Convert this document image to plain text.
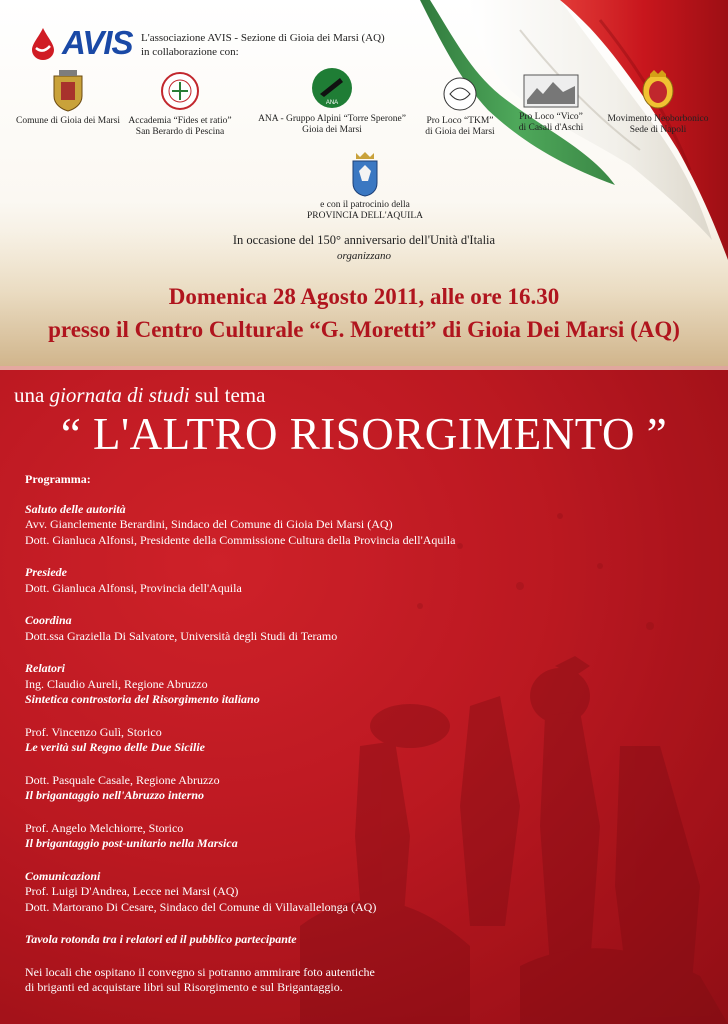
AVIS L'associazione AVIS - Sezione di Gioia dei Marsi (AQ)
in collaborazione con:
Comune di Gioia dei Marsi Accademia “Fides et ratio”
San Berardo di Pescina
ANA
ANA - Gruppo Alpini “Torre Sperone”
Gioia dei Marsi
Pro Loco “TKM”
di Gioia dei Marsi
Pro Loco “Vico”
di Casali d'Aschi
Movimento Neoborbonico
Sede di Napoli
e con il patrocinio della
PROVINCIA DELL'AQUILA
In occasione del 150° anniversario dell'Unità d'Italia
organizzano
Domenica 28 Agosto 2011, alle ore 16.30
presso il Centro Culturale “G. Moretti” di Gioia Dei Marsi (AQ)
una giornata di studi sul tema
“ L'ALTRO RISORGIMENTO ”

Programma:

Saluto delle autorità

Avv. Gianclemente Berardini, Sindaco del Comune di Gioia Dei Marsi (AQ)

Dott. Gianluca Alfonsi, Presidente della Commissione Cultura della Provincia dell'Aquila

Presiede

Dott. Gianluca Alfonsi, Provincia dell'Aquila

Coordina

Dott.ssa Graziella Di Salvatore, Università degli Studi di Teramo

Relatori

Ing. Claudio Aureli, Regione Abruzzo

Sintetica controstoria del Risorgimento italiano

Prof. Vincenzo Gulì, Storico

Le verità sul Regno delle Due Sicilie

Dott. Pasquale Casale, Regione Abruzzo

Il brigantaggio nell'Abruzzo interno

Prof. Angelo Melchiorre, Storico

Il brigantaggio post-unitario nella Marsica

Comunicazioni

Prof. Luigi D'Andrea, Lecce nei Marsi (AQ)

Dott. Martorano Di Cesare, Sindaco del Comune di Villavallelonga (AQ)

Tavola rotonda tra i relatori ed il pubblico partecipante

Nei locali che ospitano il convegno si potranno ammirare foto autentiche

di briganti ed acquistare libri sul Risorgimento e sul Brigantaggio.
